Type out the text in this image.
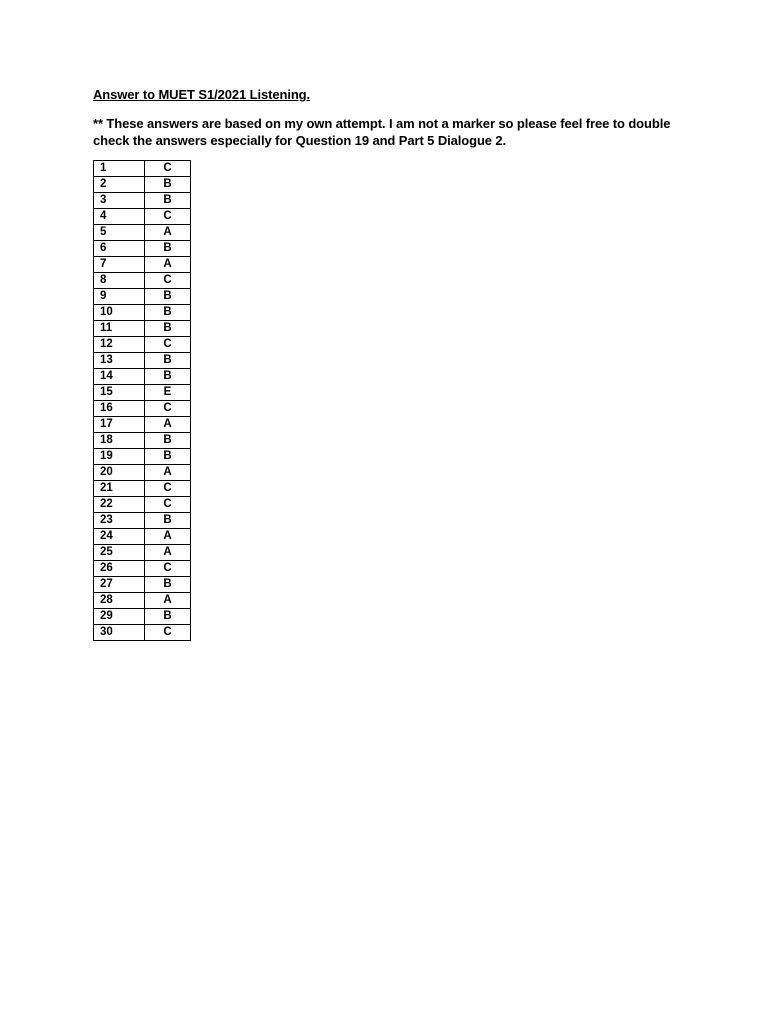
Answer to MUET S1/2021 Listening.
** These answers are based on my own attempt. I am not a marker so please feel free to double
check the answers especially for Question 19 and Part 5 Dialogue 2.
1	C
2	B
3	B
4	C
5	A
6	B
7	A
8	C
9	B
10	B
11	B
12	C
13	B
14	B
15	E
16	C
17	A
18	B
19	B
20	A
21	C
22	C
23	B
24	A
25	A
26	C
27	B
28	A
29	B
30	C
